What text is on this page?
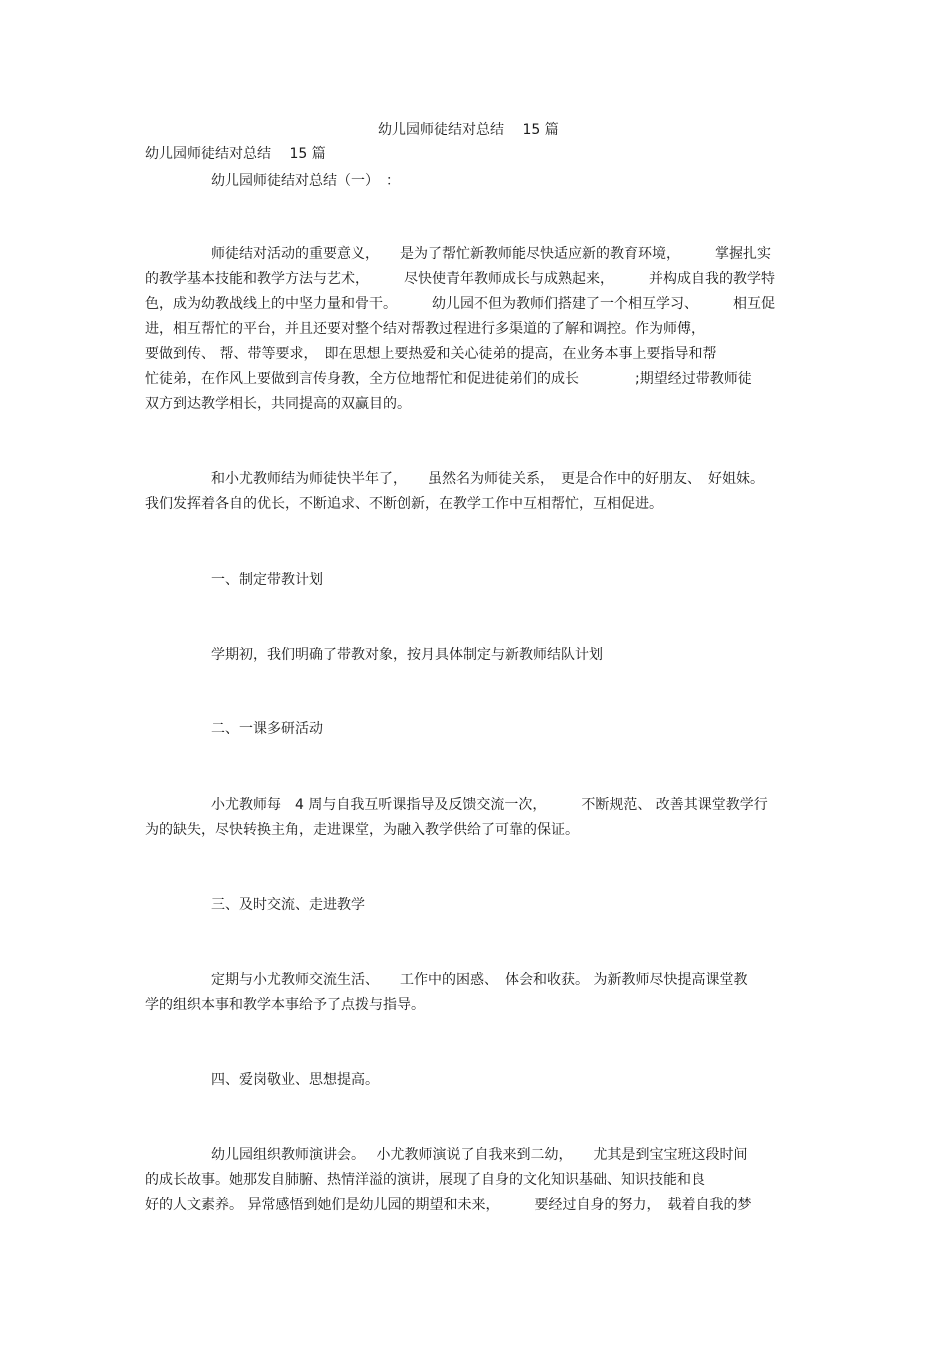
幼儿园师徒结对总结　 15 篇
幼儿园师徒结对总结　 15 篇
幼儿园师徒结对总结（一）　：
师徒结对活动的重要意义，　　是为了帮忙新教师能尽快适应新的教育环境，　　　掌握扎实
的教学基本技能和教学方法与艺术，　　　尽快使青年教师成长与成熟起来，　　　并构成自我的教学特
色，成为幼教战线上的中坚力量和骨干。　　　幼儿园不但为教师们搭建了一个相互学习、　　　相互促
进，相互帮忙的平台，并且还要对整个结对帮教过程进行多渠道的了解和调控。作为师傅，
要做到传、 帮、带等要求，　即在思想上要热爱和关心徒弟的提高，在业务本事上要指导和帮
忙徒弟，在作风上要做到言传身教，全方位地帮忙和促进徒弟们的成长　　　　;期望经过带教师徒
双方到达教学相长，共同提高的双赢目的。
和小尤教师结为师徒快半年了，　　虽然名为师徒关系，　更是合作中的好朋友、　好姐妹。
我们发挥着各自的优长，不断追求、不断创新，在教学工作中互相帮忙，互相促进。
一、制定带教计划
学期初，我们明确了带教对象，按月具体制定与新教师结队计划
二、一课多研活动
小尤教师每　4 周与自我互听课指导及反馈交流一次，　　　不断规范、 改善其课堂教学行
为的缺失，尽快转换主角，走进课堂，为融入教学供给了可靠的保证。
三、及时交流、走进教学
定期与小尤教师交流生活、　　工作中的困惑、　体会和收获。 为新教师尽快提高课堂教
学的组织本事和教学本事给予了点拨与指导。
四、爱岗敬业、思想提高。
幼儿园组织教师演讲会。　 小尤教师演说了自我来到二幼，　　尤其是到宝宝班这段时间
的成长故事。她那发自肺腑、热情洋溢的演讲，展现了自身的文化知识基础、知识技能和良
好的人文素养。 异常感悟到她们是幼儿园的期望和未来，　　　要经过自身的努力，　载着自我的梦
